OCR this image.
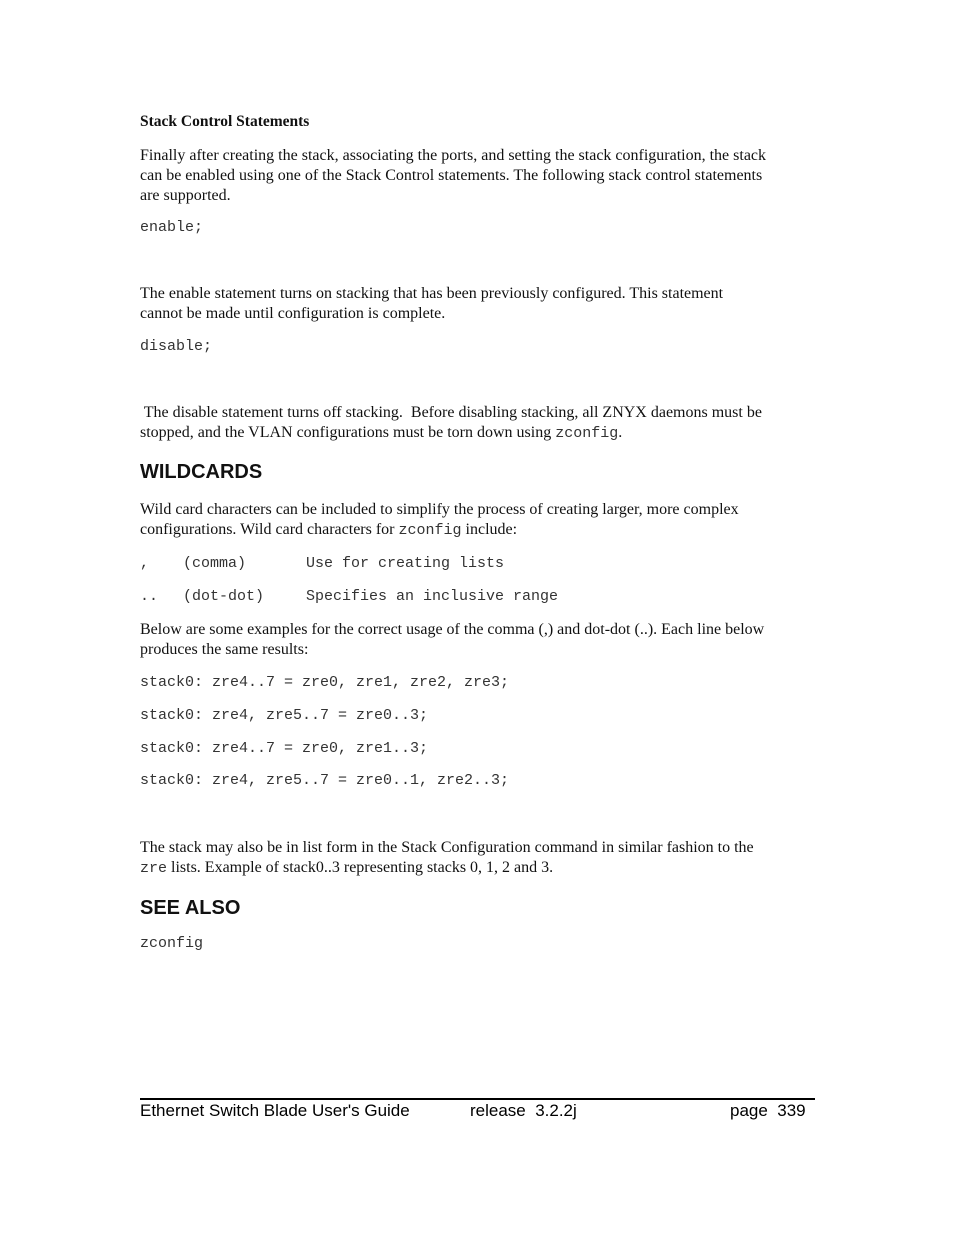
Stack Control Statements
Finally after creating the stack, associating the ports, and setting the stack configuration, the stack
can be enabled using one of the Stack Control statements. The following stack control statements
are supported.
enable;
The enable statement turns on stacking that has been previously configured. This statement
cannot be made until configuration is complete.
disable;
The disable statement turns off stacking.  Before disabling stacking, all ZNYX daemons must be
stopped, and the VLAN configurations must be torn down using zconfig.
WILDCARDS
Wild card characters can be included to simplify the process of creating larger, more complex
configurations. Wild card characters for zconfig include:
, (comma)	Use for creating lists
.. (dot-dot)	Specifies an inclusive range
Below are some examples for the correct usage of the comma (,) and dot-dot (..). Each line below
produces the same results:
stack0: zre4..7 = zre0, zre1, zre2, zre3;
stack0: zre4, zre5..7 = zre0..3;
stack0: zre4..7 = zre0, zre1..3;
stack0: zre4, zre5..7 = zre0..1, zre2..3;
The stack may also be in list form in the Stack Configuration command in similar fashion to the
zre lists. Example of stack0..3 representing stacks 0, 1, 2 and 3.
SEE ALSO
zconfig
Ethernet Switch Blade User's Guide	release  3.2.2j	page  339
